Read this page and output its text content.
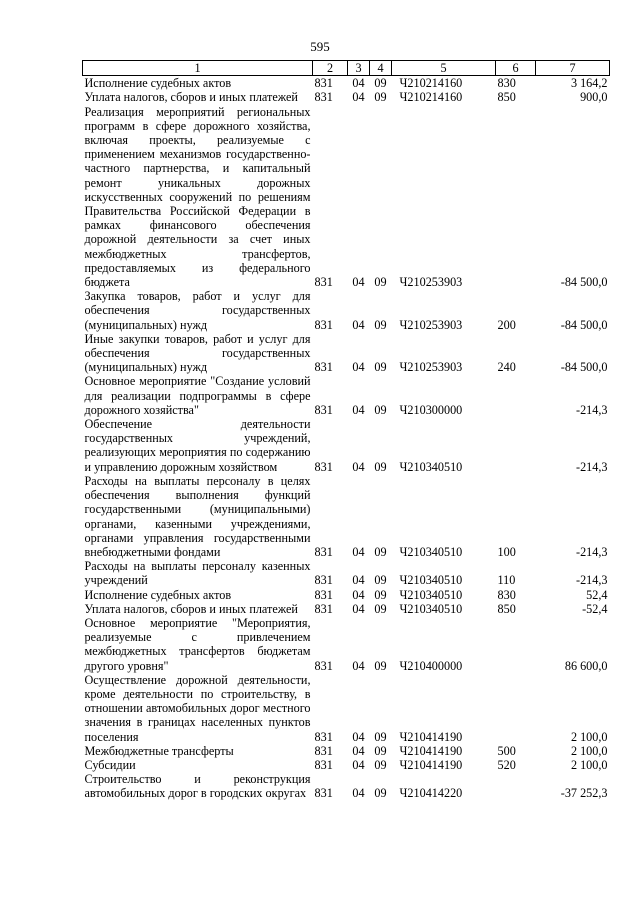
595
1	2	3	4	5	6	7
Исполнение судебных актов	831	04	09	Ч210214160	830	3 164,2
Уплата налогов, сборов и иных платежей	831	04	09	Ч210214160	850	900,0
Реализация мероприятий региональных программ в сфере дорожного хозяйства, включая проекты, реализуемые с применением механизмов государственно-частного партнерства, и капитальный ремонт уникальных дорожных искусственных сооружений по решениям Правительства Российской Федерации в рамках финансового обеспечения дорожной деятельности за счет иных межбюджетных трансфертов, предоставляемых из федерального бюджета	831	04	09	Ч210253903		-84 500,0
Закупка товаров, работ и услуг для обеспечения государственных (муниципальных) нужд	831	04	09	Ч210253903	200	-84 500,0
Иные закупки товаров, работ и услуг для обеспечения государственных (муниципальных) нужд	831	04	09	Ч210253903	240	-84 500,0
Основное мероприятие "Создание условий для реализации подпрограммы в сфере дорожного хозяйства"	831	04	09	Ч210300000		-214,3
Обеспечение деятельности государственных учреждений, реализующих мероприятия по содержанию и управлению дорожным хозяйством	831	04	09	Ч210340510		-214,3
Расходы на выплаты персоналу в целях обеспечения выполнения функций государственными (муниципальными) органами, казенными учреждениями, органами управления государственными внебюджетными фондами	831	04	09	Ч210340510	100	-214,3
Расходы на выплаты персоналу казенных учреждений	831	04	09	Ч210340510	110	-214,3
Исполнение судебных актов	831	04	09	Ч210340510	830	52,4
Уплата налогов, сборов и иных платежей	831	04	09	Ч210340510	850	-52,4
Основное мероприятие "Мероприятия, реализуемые с привлечением межбюджетных трансфертов бюджетам другого уровня"	831	04	09	Ч210400000		86 600,0
Осуществление дорожной деятельности, кроме деятельности по строительству, в отношении автомобильных дорог местного значения в границах населенных пунктов поселения	831	04	09	Ч210414190		2 100,0
Межбюджетные трансферты	831	04	09	Ч210414190	500	2 100,0
Субсидии	831	04	09	Ч210414190	520	2 100,0
Строительство и реконструкция автомобильных дорог в городских округах	831	04	09	Ч210414220		-37 252,3
